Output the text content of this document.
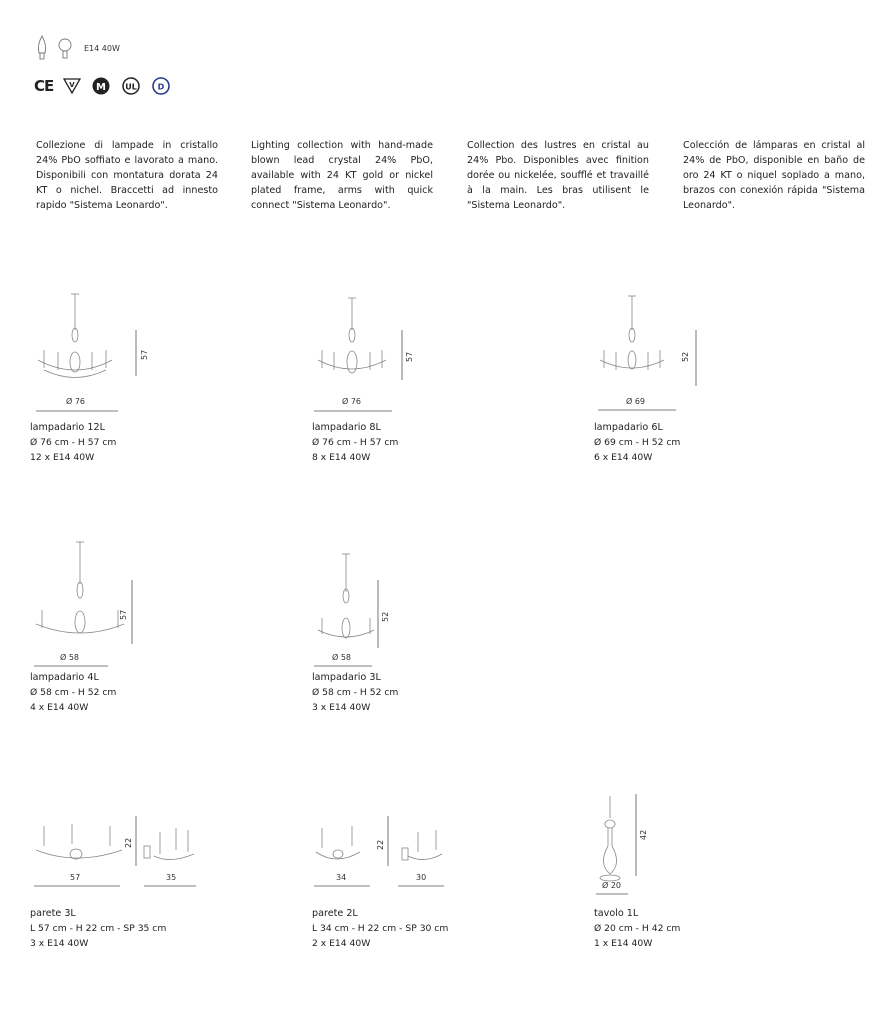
E14 40W
CE V M UL	D
Collezione di lampade in cristallo 24% PbO soffiato e lavorato a mano. Disponibili con montatura dorata 24 KT o nichel. Braccetti ad innesto rapido "Sistema Leonardo".
Lighting collection with hand-made blown lead crystal 24% PbO, available with 24 KT gold or nickel plated frame, arms with quick connect "Sistema Leonardo".
Collection des lustres en cristal au 24% Pbo. Disponibles avec finition dorée ou nickelée, soufflé et travaillé à la main. Les bras utilisent le "Sistema Leonardo".
Colección de lámparas en cristal al 24% de PbO, disponible en baño de oro 24 KT o niquel soplado a mano, brazos con conexión rápida "Sistema Leonardo".
Ø 76
57
lampadario 12L
Ø 76 cm - H 57 cm
12 x E14 40W
Ø 76
57
lampadario 8L
Ø 76 cm - H 57 cm
8 x E14 40W
Ø 69
52
lampadario 6L
Ø 69 cm - H 52 cm
6 x E14 40W
Ø 58
57
lampadario 4L
Ø 58 cm - H 52 cm
4 x E14 40W
Ø 58
52
lampadario 3L
Ø 58 cm - H 52 cm
3 x E14 40W
57	35
22
parete 3L
L 57 cm - H 22 cm - SP 35 cm
3 x E14 40W
34	30
22
parete 2L
L 34 cm - H 22 cm - SP 30 cm
2 x E14 40W
Ø 20
42
tavolo 1L
Ø 20 cm - H 42 cm
1 x E14 40W
